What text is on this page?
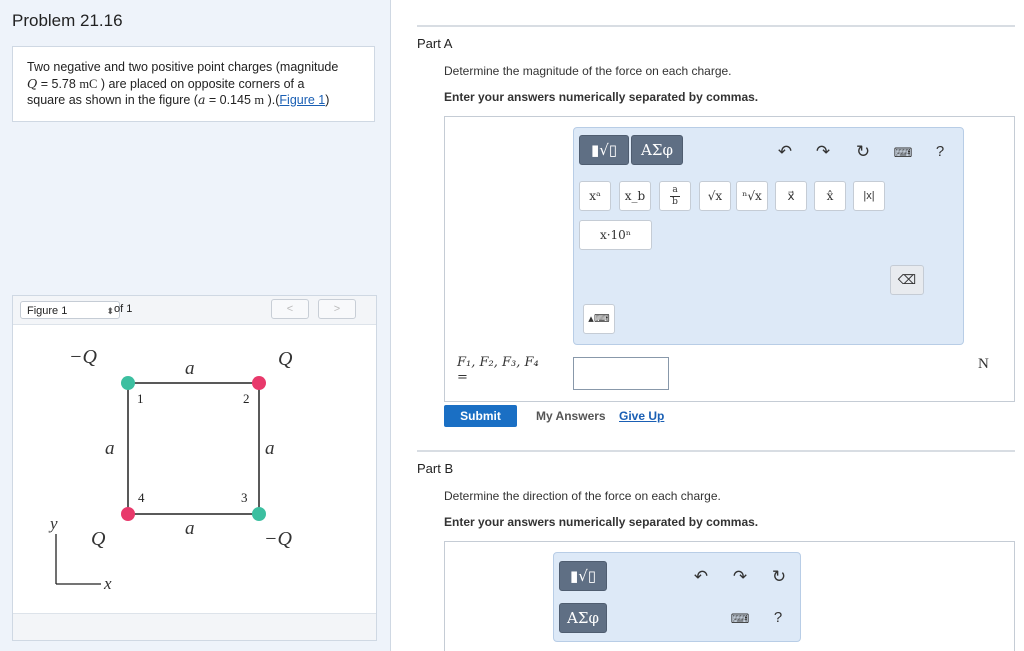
Problem 21.16
Two negative and two positive point charges (magnitude
Q = 5.78 mC ) are placed on opposite corners of a
square as shown in the figure (a = 0.145 m ).(Figure 1)
Figure 1	⬍ of 1	<	>
−Q	Q
Q	−Q
a
a
a	a
1	2
3
4
y
x
Part A
Determine the magnitude of the force on each charge.
Enter your answers numerically separated by commas.
▮√▯	ΑΣφ	↶ ↷ ↻ ⌨	?
xᵃ	x_b	a
b	√x	ⁿ√x	x⃗	x̂	|x|
x·10ⁿ
⌫
▴⌨
F₁, F₂, F₃, F₄
=
N
Submit	My Answers Give Up
Part B
Determine the direction of the force on each charge.
Enter your answers numerically separated by commas.
▮√▯
ΑΣφ
↶ ↷ ↻
⌨	?
